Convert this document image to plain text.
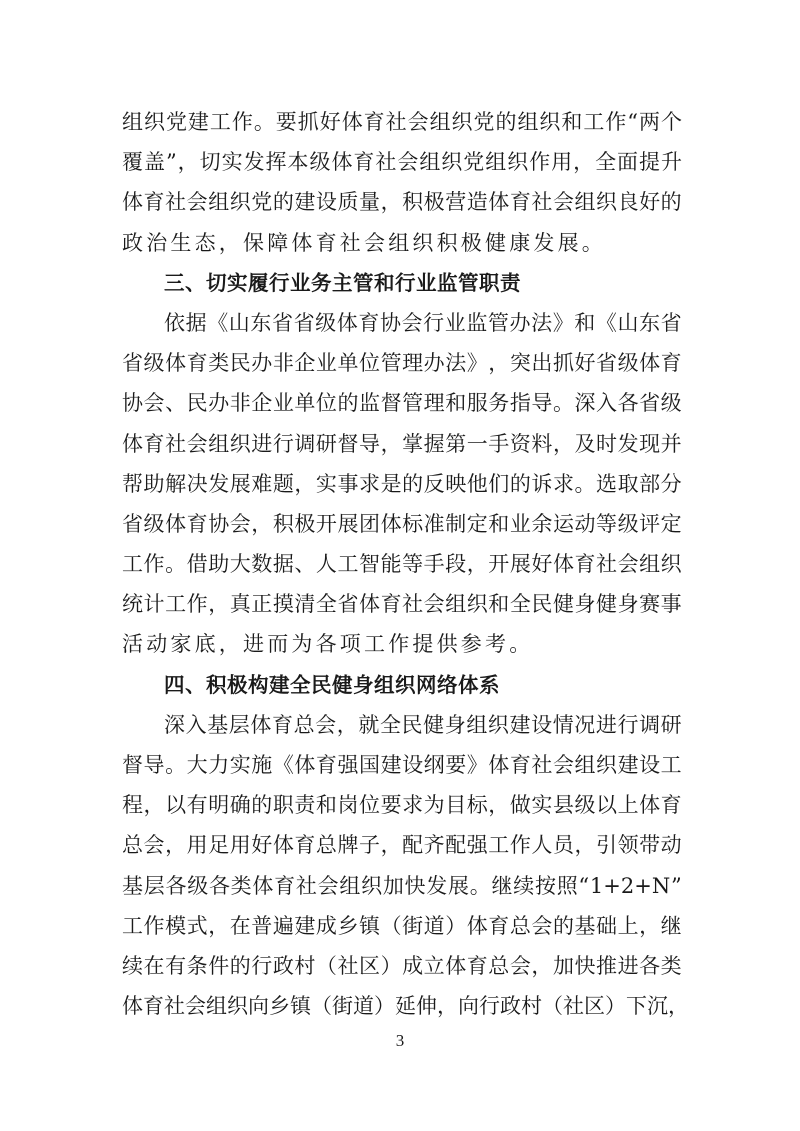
组 织 党 建 工 作 。 要 抓 好 体 育 社 会 组 织 党 的 组 织 和 工 作 “ 两 个
覆 盖 ” ， 切 实 发 挥 本 级 体 育 社 会 组 织 党 组 织 作 用 ， 全 面 提 升
体 育 社 会 组 织 党 的 建 设 质 量 ， 积 极 营 造 体 育 社 会 组 织 良 好 的
政治生态，保障体育社会组织积极健康发展。
三、切实履行业务主管和行业监管职责
依 据 《 山 东 省 省 级 体 育 协 会 行 业 监 管 办 法 》 和 《 山 东 省
省 级 体 育 类 民 办 非 企 业 单 位 管 理 办 法 》 ， 突 出 抓 好 省 级 体 育
协 会 、 民 办 非 企 业 单 位 的 监 督 管 理 和 服 务 指 导 。 深 入 各 省 级
体 育 社 会 组 织 进 行 调 研 督 导 ， 掌 握 第 一 手 资 料 ， 及 时 发 现 并
帮 助 解 决 发 展 难 题 ， 实 事 求 是 的 反 映 他 们 的 诉 求 。 选 取 部 分
省 级 体 育 协 会 ， 积 极 开 展 团 体 标 准 制 定 和 业 余 运 动 等 级 评 定
工 作 。 借 助 大 数 据 、 人 工 智 能 等 手 段 ， 开 展 好 体 育 社 会 组 织
统 计 工 作 ， 真 正 摸 清 全 省 体 育 社 会 组 织 和 全 民 健 身 健 身 赛 事
活动家底，进而为各项工作提供参考。
四、积极构建全民健身组织网络体系
深 入 基 层 体 育 总 会 ， 就 全 民 健 身 组 织 建 设 情 况 进 行 调 研
督 导 。 大 力 实 施 《 体 育 强 国 建 设 纲 要 》 体 育 社 会 组 织 建 设 工
程 ， 以 有 明 确 的 职 责 和 岗 位 要 求 为 目 标 ， 做 实 县 级 以 上 体 育
总 会 ， 用 足 用 好 体 育 总 牌 子 ， 配 齐 配 强 工 作 人 员 ， 引 领 带 动
基 层 各 级 各 类 体 育 社 会 组 织 加 快 发 展 。 继 续 按 照 “ 1+2+N ”
工 作 模 式 ， 在 普 遍 建 成 乡 镇 （ 街 道 ） 体 育 总 会 的 基 础 上 ， 继
续 在 有 条 件 的 行 政 村 （ 社 区 ） 成 立 体 育 总 会 ， 加 快 推 进 各 类
体 育 社 会 组 织 向 乡 镇 （ 街 道 ） 延 伸 ， 向 行 政 村 （ 社 区 ） 下 沉 ，
3
